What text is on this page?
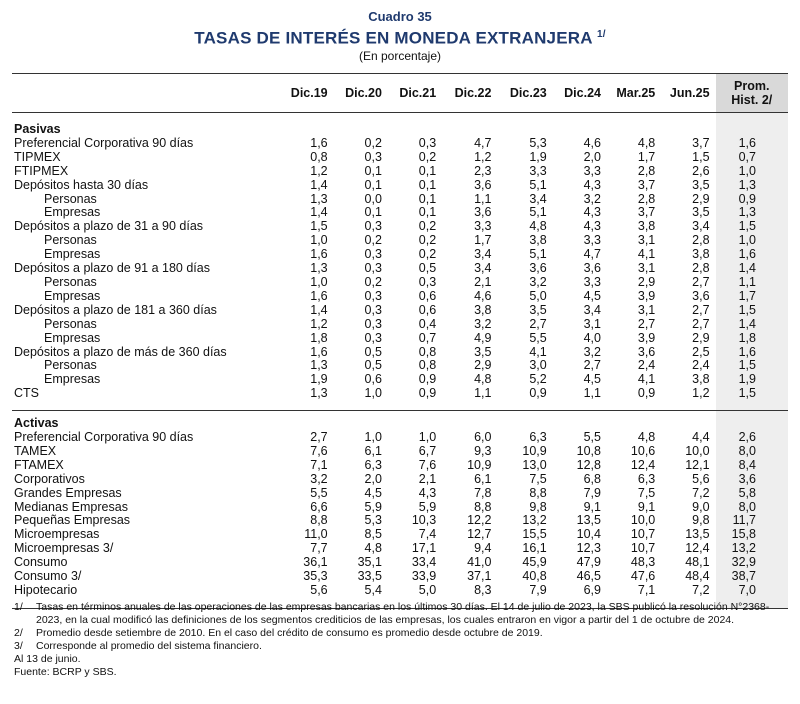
Cuadro 35
TASAS DE INTERÉS EN MONEDA EXTRANJERA $^{1/}$
(En porcentaje)
	Dic.19	Dic.20	Dic.21	Dic.22	Dic.23	Dic.24	Mar.25	Jun.25	Prom.
Hist. 2/

Pasivas									
Preferencial Corporativa 90 días	1,6	0,2	0,3	4,7	5,3	4,6	4,8	3,7	1,6
TIPMEX	0,8	0,3	0,2	1,2	1,9	2,0	1,7	1,5	0,7
FTIPMEX	1,2	0,1	0,1	2,3	3,3	3,3	2,8	2,6	1,0
Depósitos hasta 30 días	1,4	0,1	0,1	3,6	5,1	4,3	3,7	3,5	1,3
Personas	1,3	0,0	0,1	1,1	3,4	3,2	2,8	2,9	0,9
Empresas	1,4	0,1	0,1	3,6	5,1	4,3	3,7	3,5	1,3
Depósitos a plazo de 31 a 90 días	1,5	0,3	0,2	3,3	4,8	4,3	3,8	3,4	1,5
Personas	1,0	0,2	0,2	1,7	3,8	3,3	3,1	2,8	1,0
Empresas	1,6	0,3	0,2	3,4	5,1	4,7	4,1	3,8	1,6
Depósitos a plazo de 91 a 180 días	1,3	0,3	0,5	3,4	3,6	3,6	3,1	2,8	1,4
Personas	1,0	0,2	0,3	2,1	3,2	3,3	2,9	2,7	1,1
Empresas	1,6	0,3	0,6	4,6	5,0	4,5	3,9	3,6	1,7
Depósitos a plazo de 181 a 360 días	1,4	0,3	0,6	3,8	3,5	3,4	3,1	2,7	1,5
Personas	1,2	0,3	0,4	3,2	2,7	3,1	2,7	2,7	1,4
Empresas	1,8	0,3	0,7	4,9	5,5	4,0	3,9	2,9	1,8
Depósitos a plazo de más de 360 días	1,6	0,5	0,8	3,5	4,1	3,2	3,6	2,5	1,6
Personas	1,3	0,5	0,8	2,9	3,0	2,7	2,4	2,4	1,5
Empresas	1,9	0,6	0,9	4,8	5,2	4,5	4,1	3,8	1,9
CTS	1,3	1,0	0,9	1,1	0,9	1,1	0,9	1,2	1,5

Activas									
Preferencial Corporativa 90 días	2,7	1,0	1,0	6,0	6,3	5,5	4,8	4,4	2,6
TAMEX	7,6	6,1	6,7	9,3	10,9	10,8	10,6	10,0	8,0
FTAMEX	7,1	6,3	7,6	10,9	13,0	12,8	12,4	12,1	8,4
Corporativos	3,2	2,0	2,1	6,1	7,5	6,8	6,3	5,6	3,6
Grandes Empresas	5,5	4,5	4,3	7,8	8,8	7,9	7,5	7,2	5,8
Medianas Empresas	6,6	5,9	5,9	8,8	9,8	9,1	9,1	9,0	8,0
Pequeñas Empresas	8,8	5,3	10,3	12,2	13,2	13,5	10,0	9,8	11,7
Microempresas	11,0	8,5	7,4	12,7	15,5	10,4	10,7	13,5	15,8
Microempresas 3/	7,7	4,8	17,1	9,4	16,1	12,3	10,7	12,4	13,2
Consumo	36,1	35,1	33,4	41,0	45,9	47,9	48,3	48,1	32,9
Consumo 3/	35,3	33,5	33,9	37,1	40,8	46,5	47,6	48,4	38,7
Hipotecario	5,6	5,4	5,0	8,3	7,9	6,9	7,1	7,2	7,0

1/	Tasas en términos anuales de las operaciones de las empresas bancarias en los últimos 30 días. El 14 de julio de 2023, la SBS publicó la resolución N°2368-2023, en la cual modificó las definiciones de los segmentos crediticios de las empresas, los cuales entraron en vigor a partir del 1 de octubre de 2024.
2/	Promedio desde setiembre de 2010. En el caso del crédito de consumo es promedio desde octubre de 2019.
3/	Corresponde al promedio del sistema financiero.
Al 13 de junio.
Fuente: BCRP y SBS.
